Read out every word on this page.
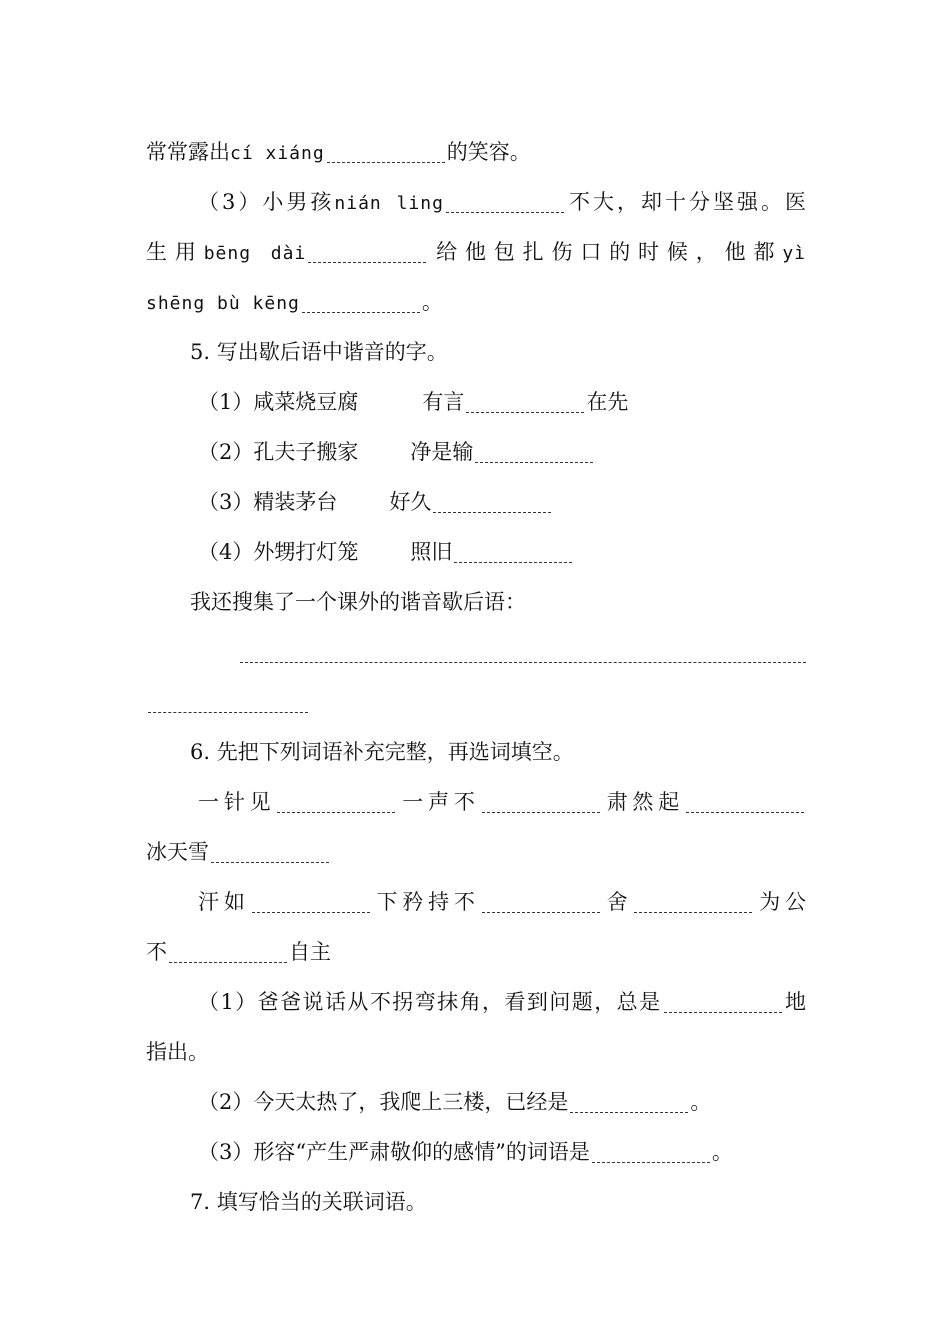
常常露出cí xiáng	的笑容。
（3）小男孩nián ling	不大，却十分坚强。医
生用bēng dài	给他包扎伤口的时候，他都yì
shēng bù kēng	。
5. 写出歇后语中谐音的字。
（1）咸菜烧豆腐	有言	在先
（2）孔夫子搬家 净是输
（3）精装茅台 好久
（4）外甥打灯笼 照旧
我还搜集了一个课外的谐音歇后语：
6. 先把下列词语补充完整，再选词填空。
一针见	一声不	肃然起
冰天雪
汗如	下矜持不	舍	为公
不	自主
（1）爸爸说话从不拐弯抹角，看到问题，总是	地
指出。
（2）今天太热了，我爬上三楼，已经是	。
（3）形容“产生严肃敬仰的感情”的词语是	。
7. 填写恰当的关联词语。
